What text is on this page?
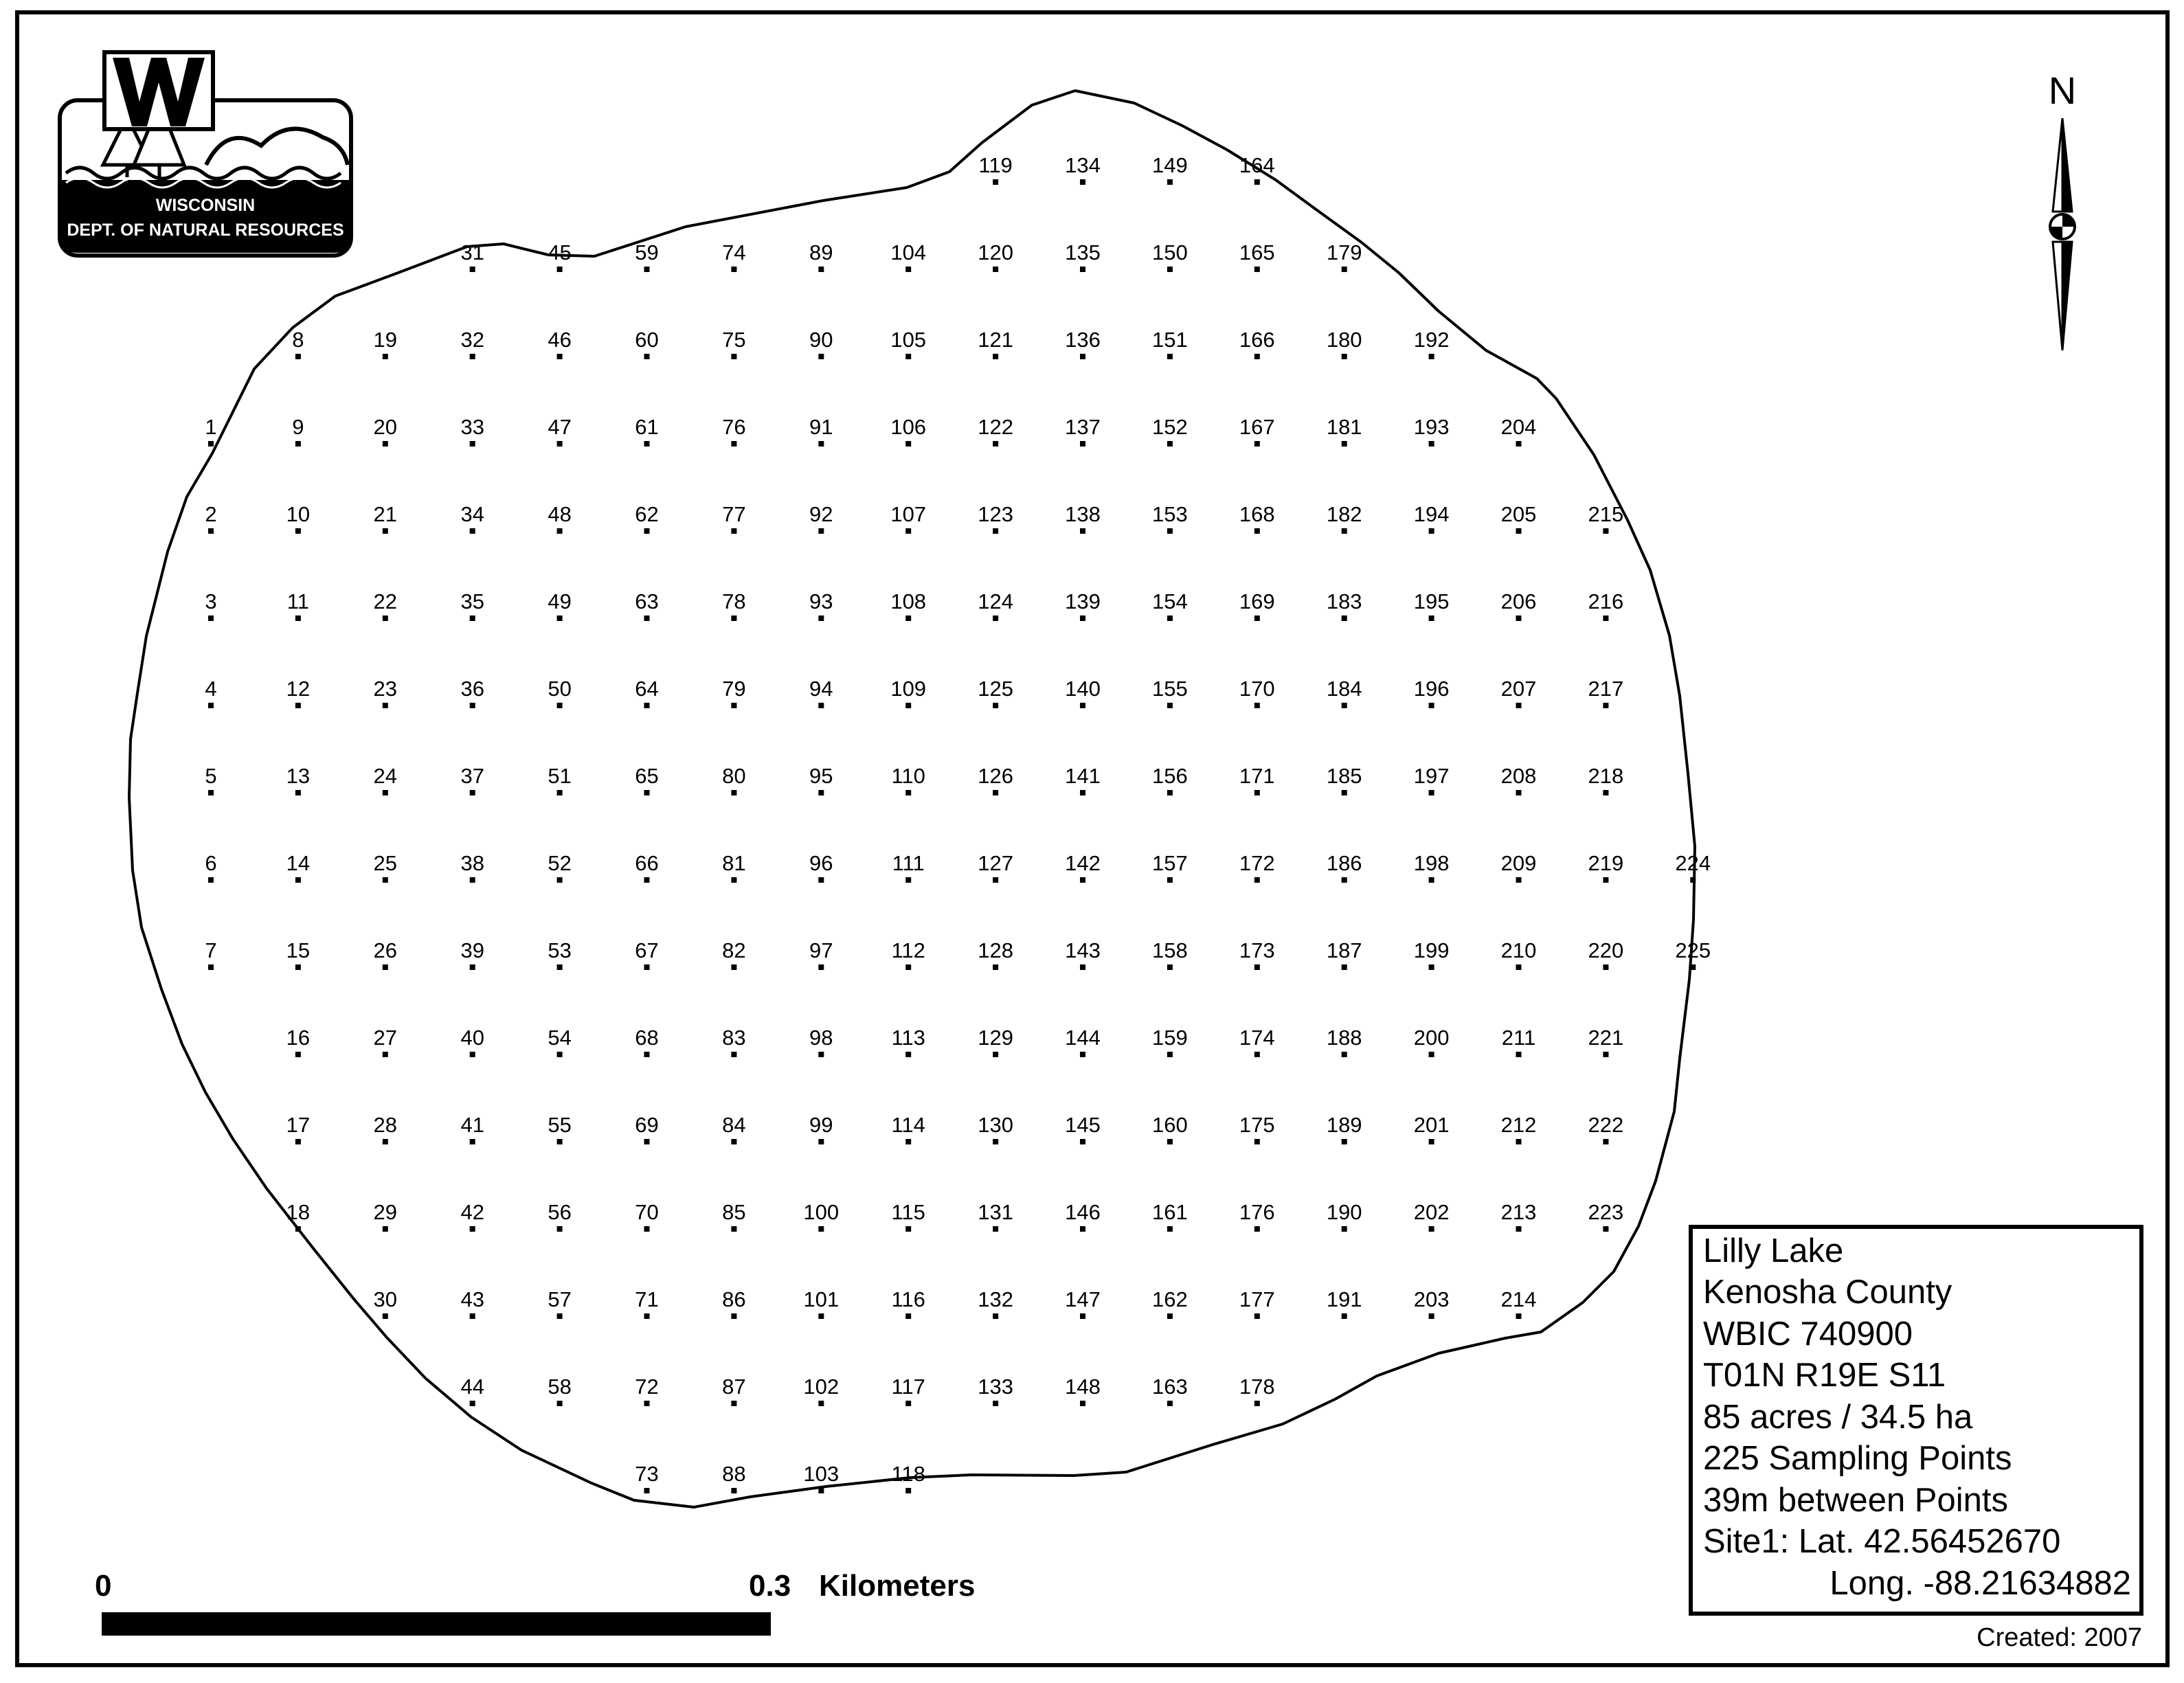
1
2
3
4
5
6
7
8
9
10
11
12
13
14
15
16
17
18
19
20
21
22
23
24
25
26
27
28
29
30
31
32
33
34
35
36
37
38
39
40
41
42
43
44
45
46
47
48
49
50
51
52
53
54
55
56
57
58
59
60
61
62
63
64
65
66
67
68
69
70
71
72
73
74
75
76
77
78
79
80
81
82
83
84
85
86
87
88
89
90
91
92
93
94
95
96
97
98
99
100
101
102
103
104
105
106
107
108
109
110
111
112
113
114
115
116
117
118
119
120
121
122
123
124
125
126
127
128
129
130
131
132
133
134
135
136
137
138
139
140
141
142
143
144
145
146
147
148
149
150
151
152
153
154
155
156
157
158
159
160
161
162
163
164
165
166
167
168
169
170
171
172
173
174
175
176
177
178
179
180
181
182
183
184
185
186
187
188
189
190
191
192
193
194
195
196
197
198
199
200
201
202
203
204
205
206
207
208
209
210
211
212
213
214
215
216
217
218
219
220
221
222
223
224
225
WISCONSIN
DEPT. OF NATURAL RESOURCES
N
0	0.3 Kilometers
Lilly Lake
Kenosha County
WBIC 740900
T01N R19E S11
85 acres / 34.5 ha
225 Sampling Points
39m between Points
Site1: Lat. 42.56452670
Long. -88.21634882
Created: 2007
